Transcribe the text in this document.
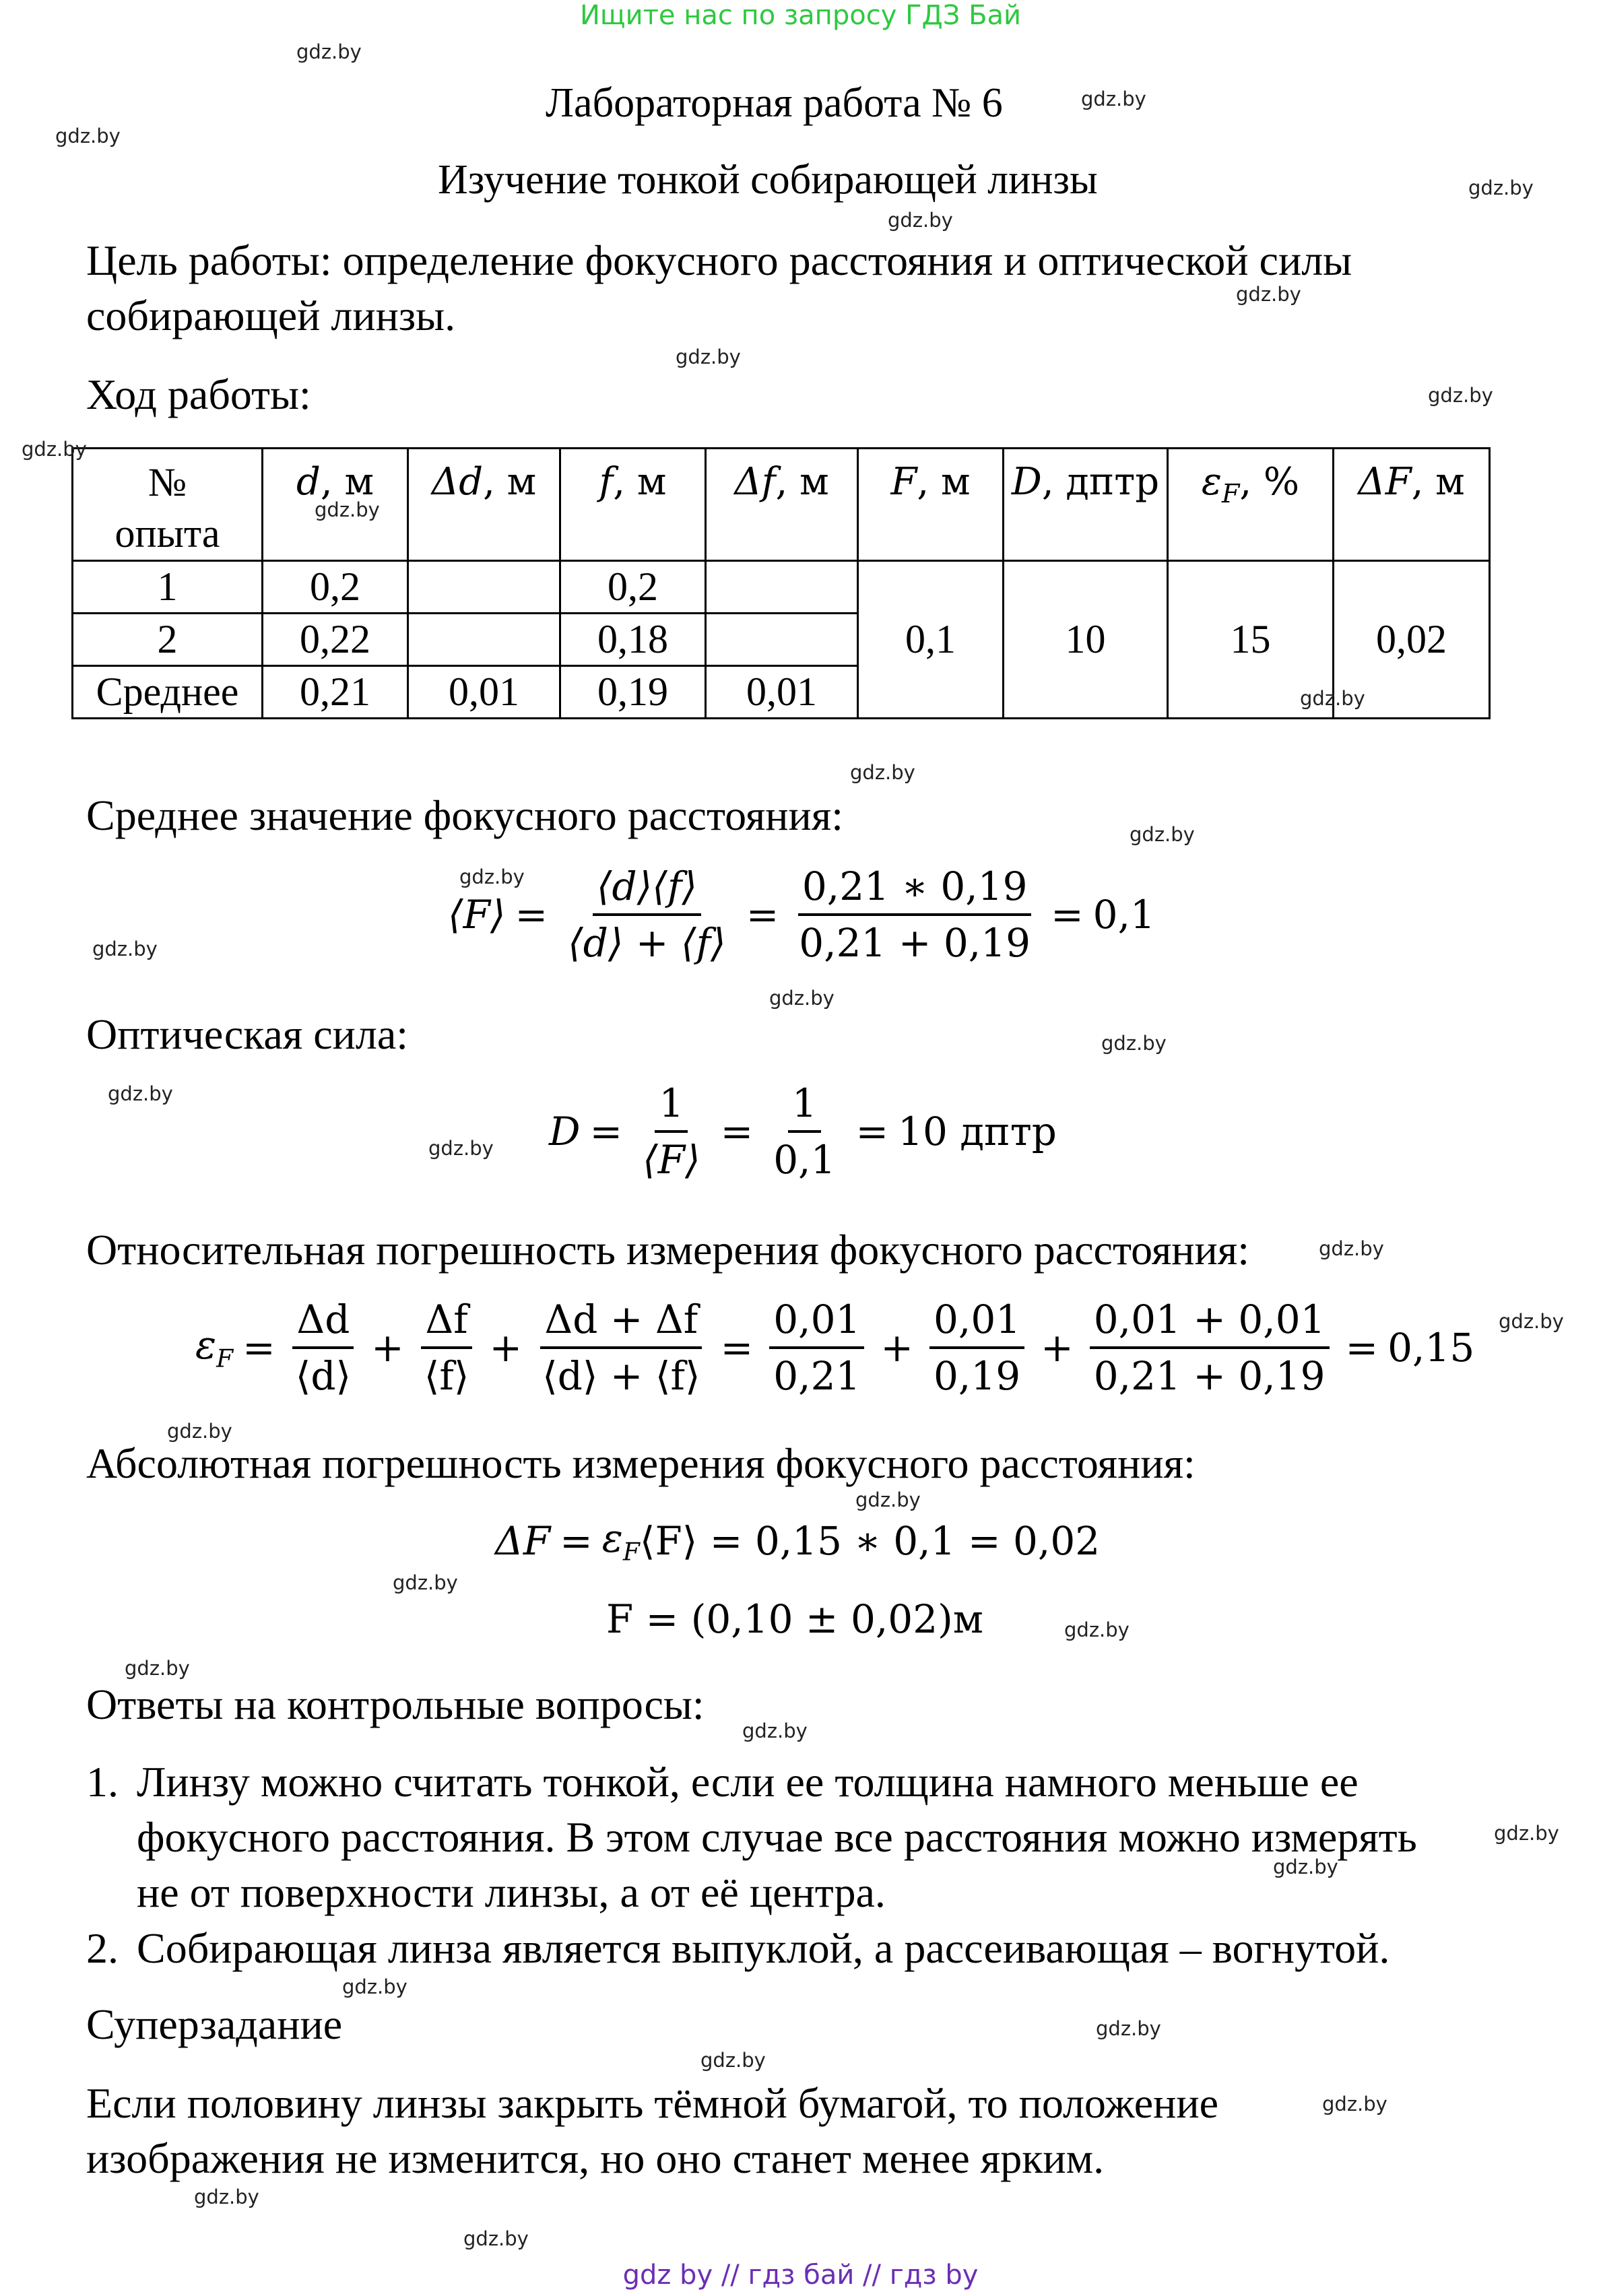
Ищите нас по запросу ГДЗ Бай
Лабораторная работа № 6
Изучение тонкой собирающей линзы
Цель работы: определение фокусного расстояния и оптической силы
собирающей линзы.
Ход работы:
№
опыта	d, м	Δd, м	f, м	Δf, м	F, м	D, дптр	$\varepsilon_F$, %	ΔF, м
1	0,2		0,2		0,1	10	15	0,02
2	0,22		0,18					
Среднее	0,21	0,01	0,19	0,01				
Среднее значение фокусного расстояния:
⟨F⟩ = $\frac{⟨d⟩⟨f⟩}{⟨d⟩ + ⟨f⟩} = \frac{0,21 ∗ 0,19}{0,21 + 0,19} = 0,1$
Оптическая сила:
$D = \frac{1}{⟨F⟩} = \frac{1}{0,1} = 10$ дптр
Относительная погрешность измерения фокусного расстояния:
$\varepsilon_F = \frac{\Delta d}{⟨d⟩} + \frac{\Delta f}{⟨f⟩} + \frac{\Delta d + \Delta f}{⟨d⟩ + ⟨f⟩} = \frac{0,01}{0,21} + \frac{0,01}{0,19} + \frac{0,01 + 0,01}{0,21 + 0,19} = 0,15$
Абсолютная погрешность измерения фокусного расстояния:
$\Delta F = \varepsilon_F$ ⟨F⟩ = 0,15 ∗ 0,1 = 0,02
F = (0,10 ± 0,02)м
Ответы на контрольные вопросы:
1. Линзу можно считать тонкой, если ее толщина намного меньше ее
фокусного расстояния. В этом случае все расстояния можно измерять
не от поверхности линзы, а от её центра.
2. Собирающая линза является выпуклой, а рассеивающая – вогнутой.
Суперзадание
Если половину линзы закрыть тёмной бумагой, то положение
изображения не изменится, но оно станет менее ярким.
gdz.by
gdz.by
gdz.by
gdz.by
gdz.by
gdz.by
gdz.by
gdz.by
gdz.by
gdz.by
gdz.by
gdz.by
gdz.by
gdz.by
gdz.by
gdz.by
gdz.by
gdz.by
gdz.by
gdz.by
gdz.by
gdz.by
gdz.by
gdz.by
gdz.by
gdz.by
gdz.by
gdz.by
gdz.by
gdz.by
gdz.by
gdz.by
gdz.by
gdz.by
gdz.by
gdz by // гдз бай // гдз by
